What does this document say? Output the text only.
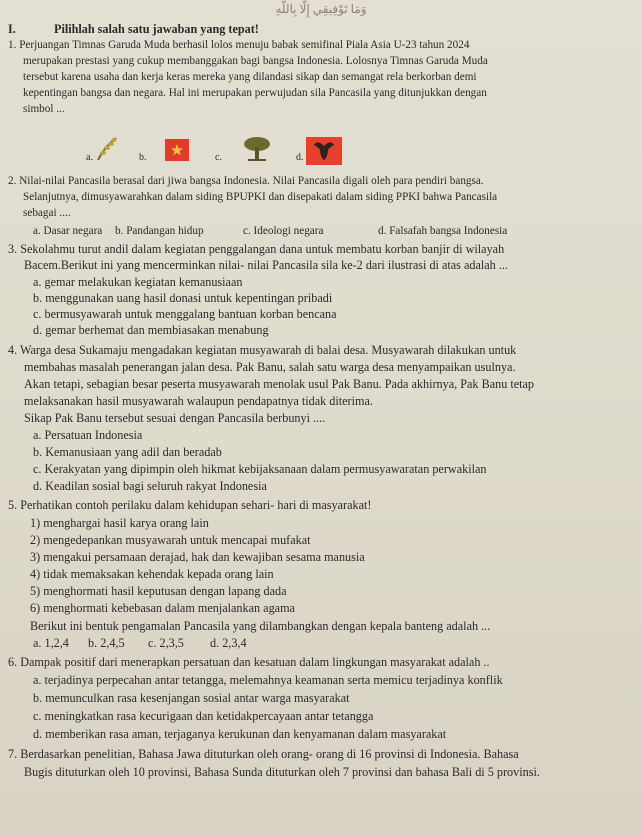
وَمَا تَوْفِيقِي إِلَّا بِاللَّهِ
I.	Pilihlah salah satu jawaban yang tepat!
1. Perjuangan Timnas Garuda Muda berhasil lolos menuju babak semifinal Piala Asia U-23 tahun 2024
merupakan prestasi yang cukup membanggakan bagi bangsa Indonesia. Lolosnya Timnas Garuda Muda
tersebut karena usaha dan kerja keras mereka yang dilandasi sikap dan semangat rela berkorban demi
kepentingan bangsa dan negara. Hal ini merupakan perwujudan sila Pancasila yang ditunjukkan dengan
simbol ...
a.	b.	c.	d.
2. Nilai-nilai Pancasila berasal dari jiwa bangsa Indonesia. Nilai Pancasila digali oleh para pendiri bangsa.
Selanjutnya, dimusyawarahkan dalam siding BPUPKI dan disepakati dalam siding PPKI bahwa Pancasila
sebagai ....
a. Dasar negara b. Pandangan hidup	c. Ideologi negara	d. Falsafah bangsa Indonesia
3. Sekolahmu turut andil dalam kegiatan penggalangan dana untuk membatu korban banjir di wilayah
Bacem.Berikut ini yang mencerminkan nilai- nilai Pancasila sila ke-2 dari ilustrasi di atas adalah ...
a. gemar melakukan kegiatan kemanusiaan
b. menggunakan uang hasil donasi untuk kepentingan pribadi
c. bermusyawarah untuk menggalang bantuan korban bencana
d. gemar berhemat dan membiasakan menabung
4. Warga desa Sukamaju mengadakan kegiatan musyawarah di balai desa. Musyawarah dilakukan untuk
membahas masalah penerangan jalan desa. Pak Banu, salah satu warga desa menyampaikan usulnya.
Akan tetapi, sebagian besar peserta musyawarah menolak usul Pak Banu. Pada akhirnya, Pak Banu tetap
melaksanakan hasil musyawarah walaupun pendapatnya tidak diterima.
Sikap Pak Banu tersebut sesuai dengan Pancasila berbunyi ....
a. Persatuan Indonesia
b. Kemanusiaan yang adil dan beradab
c. Kerakyatan yang dipimpin oleh hikmat kebijaksanaan dalam permusyawaratan perwakilan
d. Keadilan sosial bagi seluruh rakyat Indonesia
5. Perhatikan contoh perilaku dalam kehidupan sehari- hari di masyarakat!
1) menghargai hasil karya orang lain
2) mengedepankan musyawarah untuk mencapai mufakat
3) mengakui persamaan derajad, hak dan kewajiban sesama manusia
4) tidak memaksakan kehendak kepada orang lain
5) menghormati hasil keputusan dengan lapang dada
6) menghormati kebebasan dalam menjalankan agama
Berikut ini bentuk pengamalan Pancasila yang dilambangkan dengan kepala banteng adalah ...
a. 1,2,4 b. 2,4,5 c. 2,3,5 d. 2,3,4
6. Dampak positif dari menerapkan persatuan dan kesatuan dalam lingkungan masyarakat adalah ..
a. terjadinya perpecahan antar tetangga, melemahnya keamanan serta memicu terjadinya konflik
b. memunculkan rasa kesenjangan sosial antar warga masyarakat
c. meningkatkan rasa kecurigaan dan ketidakpercayaan antar tetangga
d. memberikan rasa aman, terjaganya kerukunan dan kenyamanan dalam masyarakat
7. Berdasarkan penelitian, Bahasa Jawa dituturkan oleh orang- orang di 16 provinsi di Indonesia. Bahasa
Bugis dituturkan oleh 10 provinsi, Bahasa Sunda dituturkan oleh 7 provinsi dan bahasa Bali di 5 provinsi.
